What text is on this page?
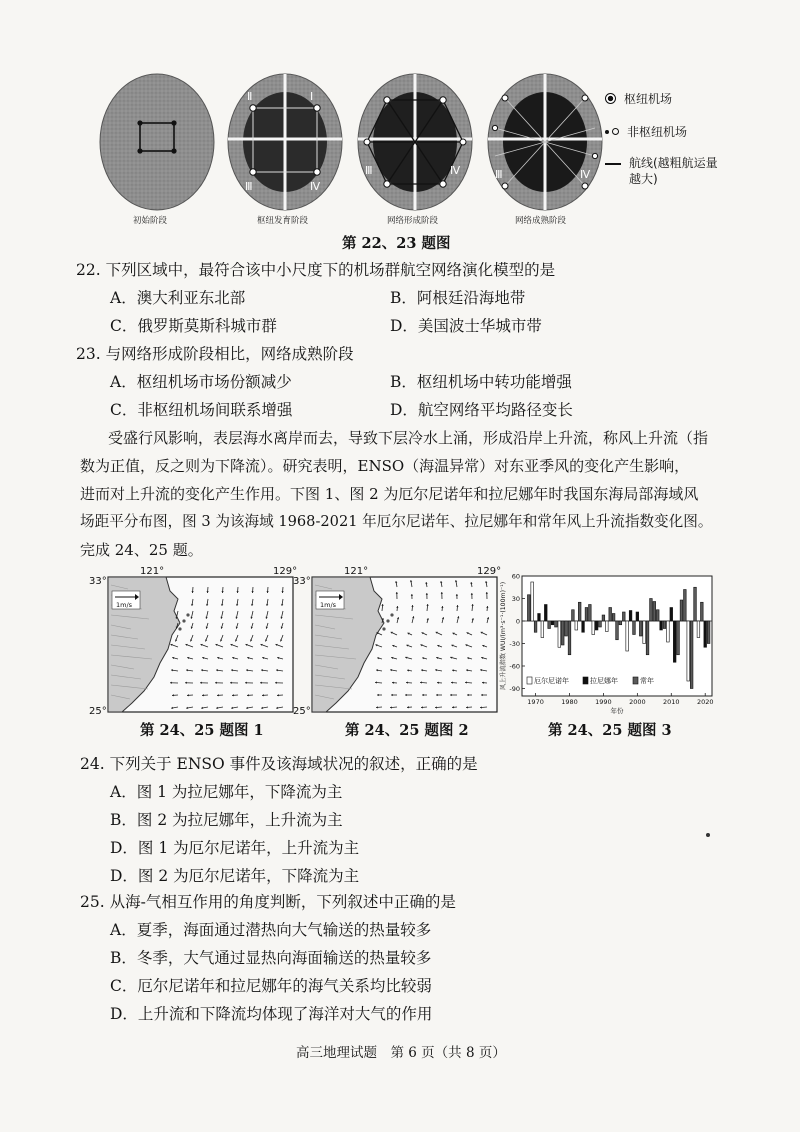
Ⅱ	Ⅰ
Ⅲ	Ⅳ
Ⅲ	Ⅳ	Ⅲ	Ⅳ
初始阶段	枢纽发育阶段	网络形成阶段	网络成熟阶段
枢纽机场
非枢纽机场
航线(越粗航运量越大)
第 22、23 题图
22. 下列区域中，最符合该中小尺度下的机场群航空网络演化模型的是
A．澳大利亚东北部	B．阿根廷沿海地带
C．俄罗斯莫斯科城市群	D．美国波士华城市带
23. 与网络形成阶段相比，网络成熟阶段
A．枢纽机场市场份额减少	B．枢纽机场中转功能增强
C．非枢纽机场间联系增强	D．航空网络平均路径变长
受盛行风影响，表层海水离岸而去，导致下层冷水上涌，形成沿岸上升流，称风上升流（指
数为正值，反之则为下降流）。研究表明，ENSO（海温异常）对东亚季风的变化产生影响，
进而对上升流的变化产生作用。下图 1、图 2 为厄尔尼诺年和拉尼娜年时我国东海局部海域风
场距平分布图，图 3 为该海域 1968-2021 年厄尔尼诺年、拉尼娜年和常年风上升流指数变化图。
完成 24、25 题。
1m/s
121°	129°
33°
25°
1m/s
121°	129°
33°
25°
第 24、25 题图 1	第 24、25 题图 2
60
30
0
-30
-60
-90
1970	1980	1990	2000	2010	2020
年份
风上升流指数 WUI/(m³·s⁻¹·(100m)⁻¹)	厄尔尼诺年	拉尼娜年	常年
第 24、25 题图 3
24. 下列关于 ENSO 事件及该海域状况的叙述，正确的是
A．图 1 为拉尼娜年，下降流为主
B．图 2 为拉尼娜年，上升流为主
D．图 1 为厄尔尼诺年，上升流为主
D．图 2 为厄尔尼诺年，下降流为主
25. 从海-气相互作用的角度判断，下列叙述中正确的是
A．夏季，海面通过潜热向大气输送的热量较多
B．冬季，大气通过显热向海面输送的热量较多
C．厄尔尼诺年和拉尼娜年的海气关系均比较弱
D．上升流和下降流均体现了海洋对大气的作用
高三地理试题　第 6 页（共 8 页）
